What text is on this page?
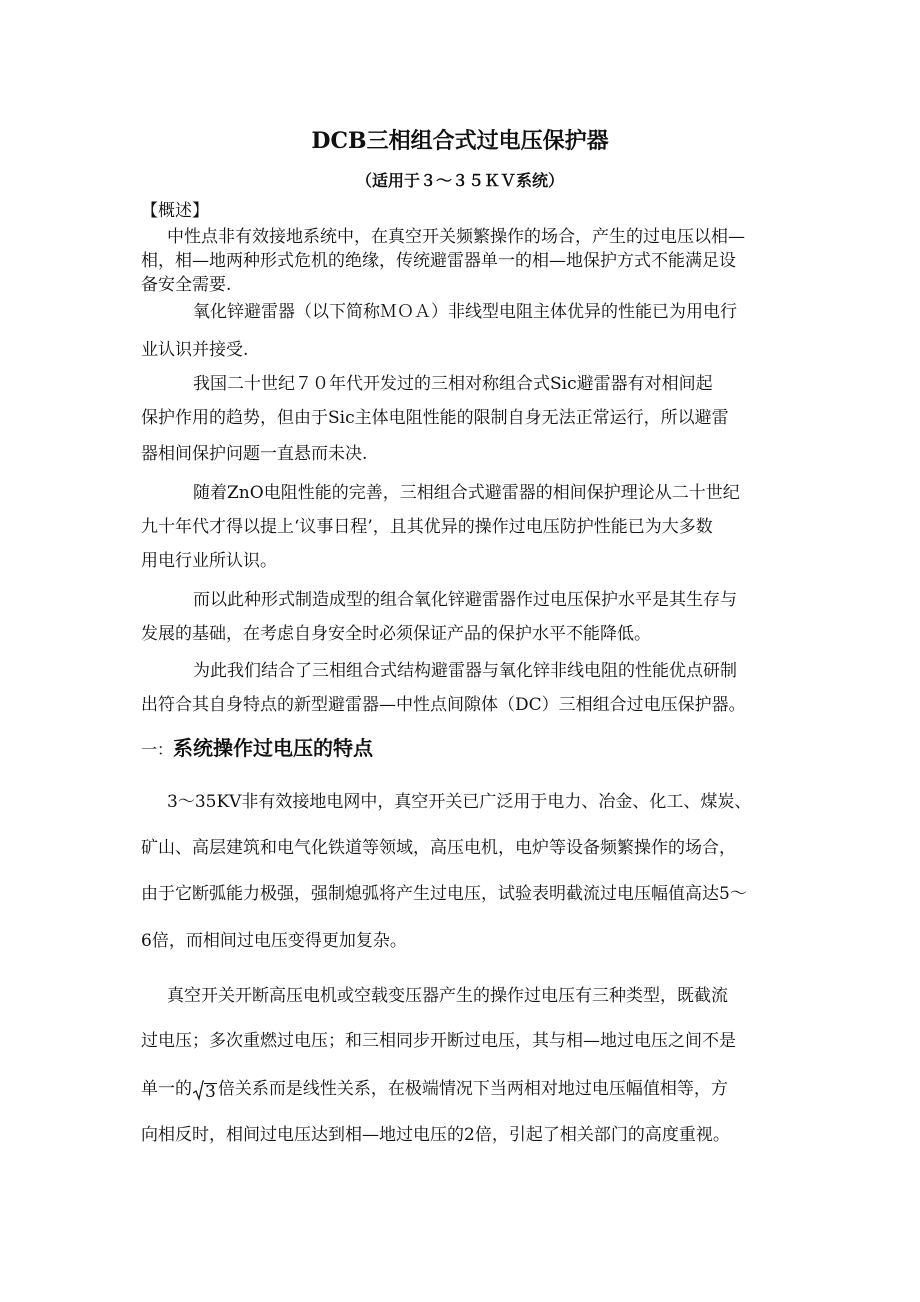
DCB三相组合式过电压保护器
（适用于３～３５ＫＶ系统）
【概述】
中性点非有效接地系统中，在真空开关频繁操作的场合，产生的过电压以相—
相，相—地两种形式危机的绝缘，传统避雷器单一的相—地保护方式不能满足设
备安全需要.
氧化锌避雷器（以下简称ＭＯＡ）非线型电阻主体优异的性能已为用电行
业认识并接受.
我国二十世纪７０年代开发过的三相对称组合式Sic避雷器有对相间起
保护作用的趋势，但由于Sic主体电阻性能的限制自身无法正常运行，所以避雷
器相间保护问题一直悬而未决.
随着ZnO电阻性能的完善，三相组合式避雷器的相间保护理论从二十世纪
九十年代才得以提上‘议事日程’，且其优异的操作过电压防护性能已为大多数
用电行业所认识。
而以此种形式制造成型的组合氧化锌避雷器作过电压保护水平是其生存与
发展的基础，在考虑自身安全时必须保证产品的保护水平不能降低。
为此我们结合了三相组合式结构避雷器与氧化锌非线电阻的性能优点研制
出符合其自身特点的新型避雷器—中性点间隙体（DC）三相组合过电压保护器。
一：系统操作过电压的特点
3～35KV非有效接地电网中，真空开关已广泛用于电力、冶金、化工、煤炭、
矿山、高层建筑和电气化铁道等领域，高压电机，电炉等设备频繁操作的场合，
由于它断弧能力极强，强制熄弧将产生过电压，试验表明截流过电压幅值高达5～
6倍，而相间过电压变得更加复杂。
真空开关开断高压电机或空载变压器产生的操作过电压有三种类型，既截流
过电压；多次重燃过电压；和三相同步开断过电压，其与相—地过电压之间不是
单一的 3 倍关系而是线性关系，在极端情况下当两相对地过电压幅值相等，方
向相反时，相间过电压达到相—地过电压的2倍，引起了相关部门的高度重视。
